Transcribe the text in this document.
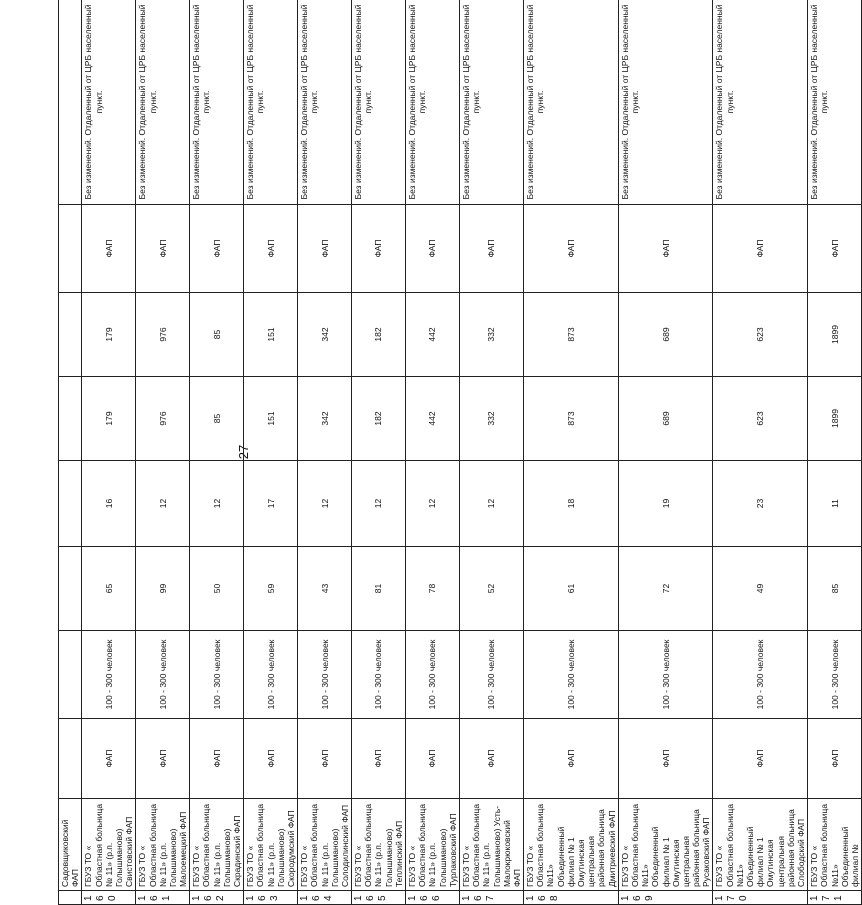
27
	Садовщиковский ФАП								
160	ГБУЗ ТО « Областная больница № 11» (р.п. Голышманово) Свистовский ФАП	ФАП	100 - 300 человек	65	16	179	179	ФАП	Без изменений. Отдаленный от ЦРБ населенный пункт.
161	ГБУЗ ТО « Областная больница № 11» (р.п. Голышманово) Малоемецкий ФАП	ФАП	100 - 300 человек	99	12	976	976	ФАП	Без изменений. Отдаленный от ЦРБ населенный пункт.
162	ГБУЗ ТО « Областная больница № 11» (р.п. Голышманово) Скрадинский ФАП	ФАП	100 - 300 человек	50	12	85	85	ФАП	Без изменений. Отдаленный от ЦРБ населенный пункт.
163	ГБУЗ ТО « Областная больница № 11» (р.п. Голышманово) Скородумский ФАП	ФАП	100 - 300 человек	59	17	151	151	ФАП	Без изменений. Отдаленный от ЦРБ населенный пункт.
164	ГБУЗ ТО « Областная больница № 11» (р.п. Голышманово) Солодилинский ФАП	ФАП	100 - 300 человек	43	12	342	342	ФАП	Без изменений. Отдаленный от ЦРБ населенный пункт.
165	ГБУЗ ТО « Областная больница № 11» (р.п. Голышманово) Теплинский ФАП	ФАП	100 - 300 человек	81	12	182	182	ФАП	Без изменений. Отдаленный от ЦРБ населенный пункт.
166	ГБУЗ ТО « Областная больница № 11» (р.п. Голышманово) Турлаковский ФАП	ФАП	100 - 300 человек	78	12	442	442	ФАП	Без изменений. Отдаленный от ЦРБ населенный пункт.
167	ГБУЗ ТО « Областная больница № 11» (р.п. Голышманово) Усть-Малокрюковский ФАП	ФАП	100 - 300 человек	52	12	332	332	ФАП	Без изменений. Отдаленный от ЦРБ населенный пункт.
168	ГБУЗ ТО « Областная больница №11» Объединенный филиал № 1 Омутинская центральная районная больница Дмитриевский ФАП	ФАП	100 - 300 человек	61	18	873	873	ФАП	Без изменений. Отдаленный от ЦРБ населенный пункт.
169	ГБУЗ ТО « Областная больница №11» Объединенный филиал № 1 Омутинская центральная районная больница Русаковский ФАП	ФАП	100 - 300 человек	72	19	689	689	ФАП	Без изменений. Отдаленный от ЦРБ населенный пункт.
170	ГБУЗ ТО « Областная больница №11» Объединенный филиал № 1 Омутинская центральная районная больница Слободский ФАП	ФАП	100 - 300 человек	49	23	623	623	ФАП	Без изменений. Отдаленный от ЦРБ населенный пункт.
171	ГБУЗ ТО « Областная больница №11» Объединенный филиал №	ФАП	100 - 300 человек	85	11	1899	1899	ФАП	Без изменений. Отдаленный от ЦРБ населенный пункт.
